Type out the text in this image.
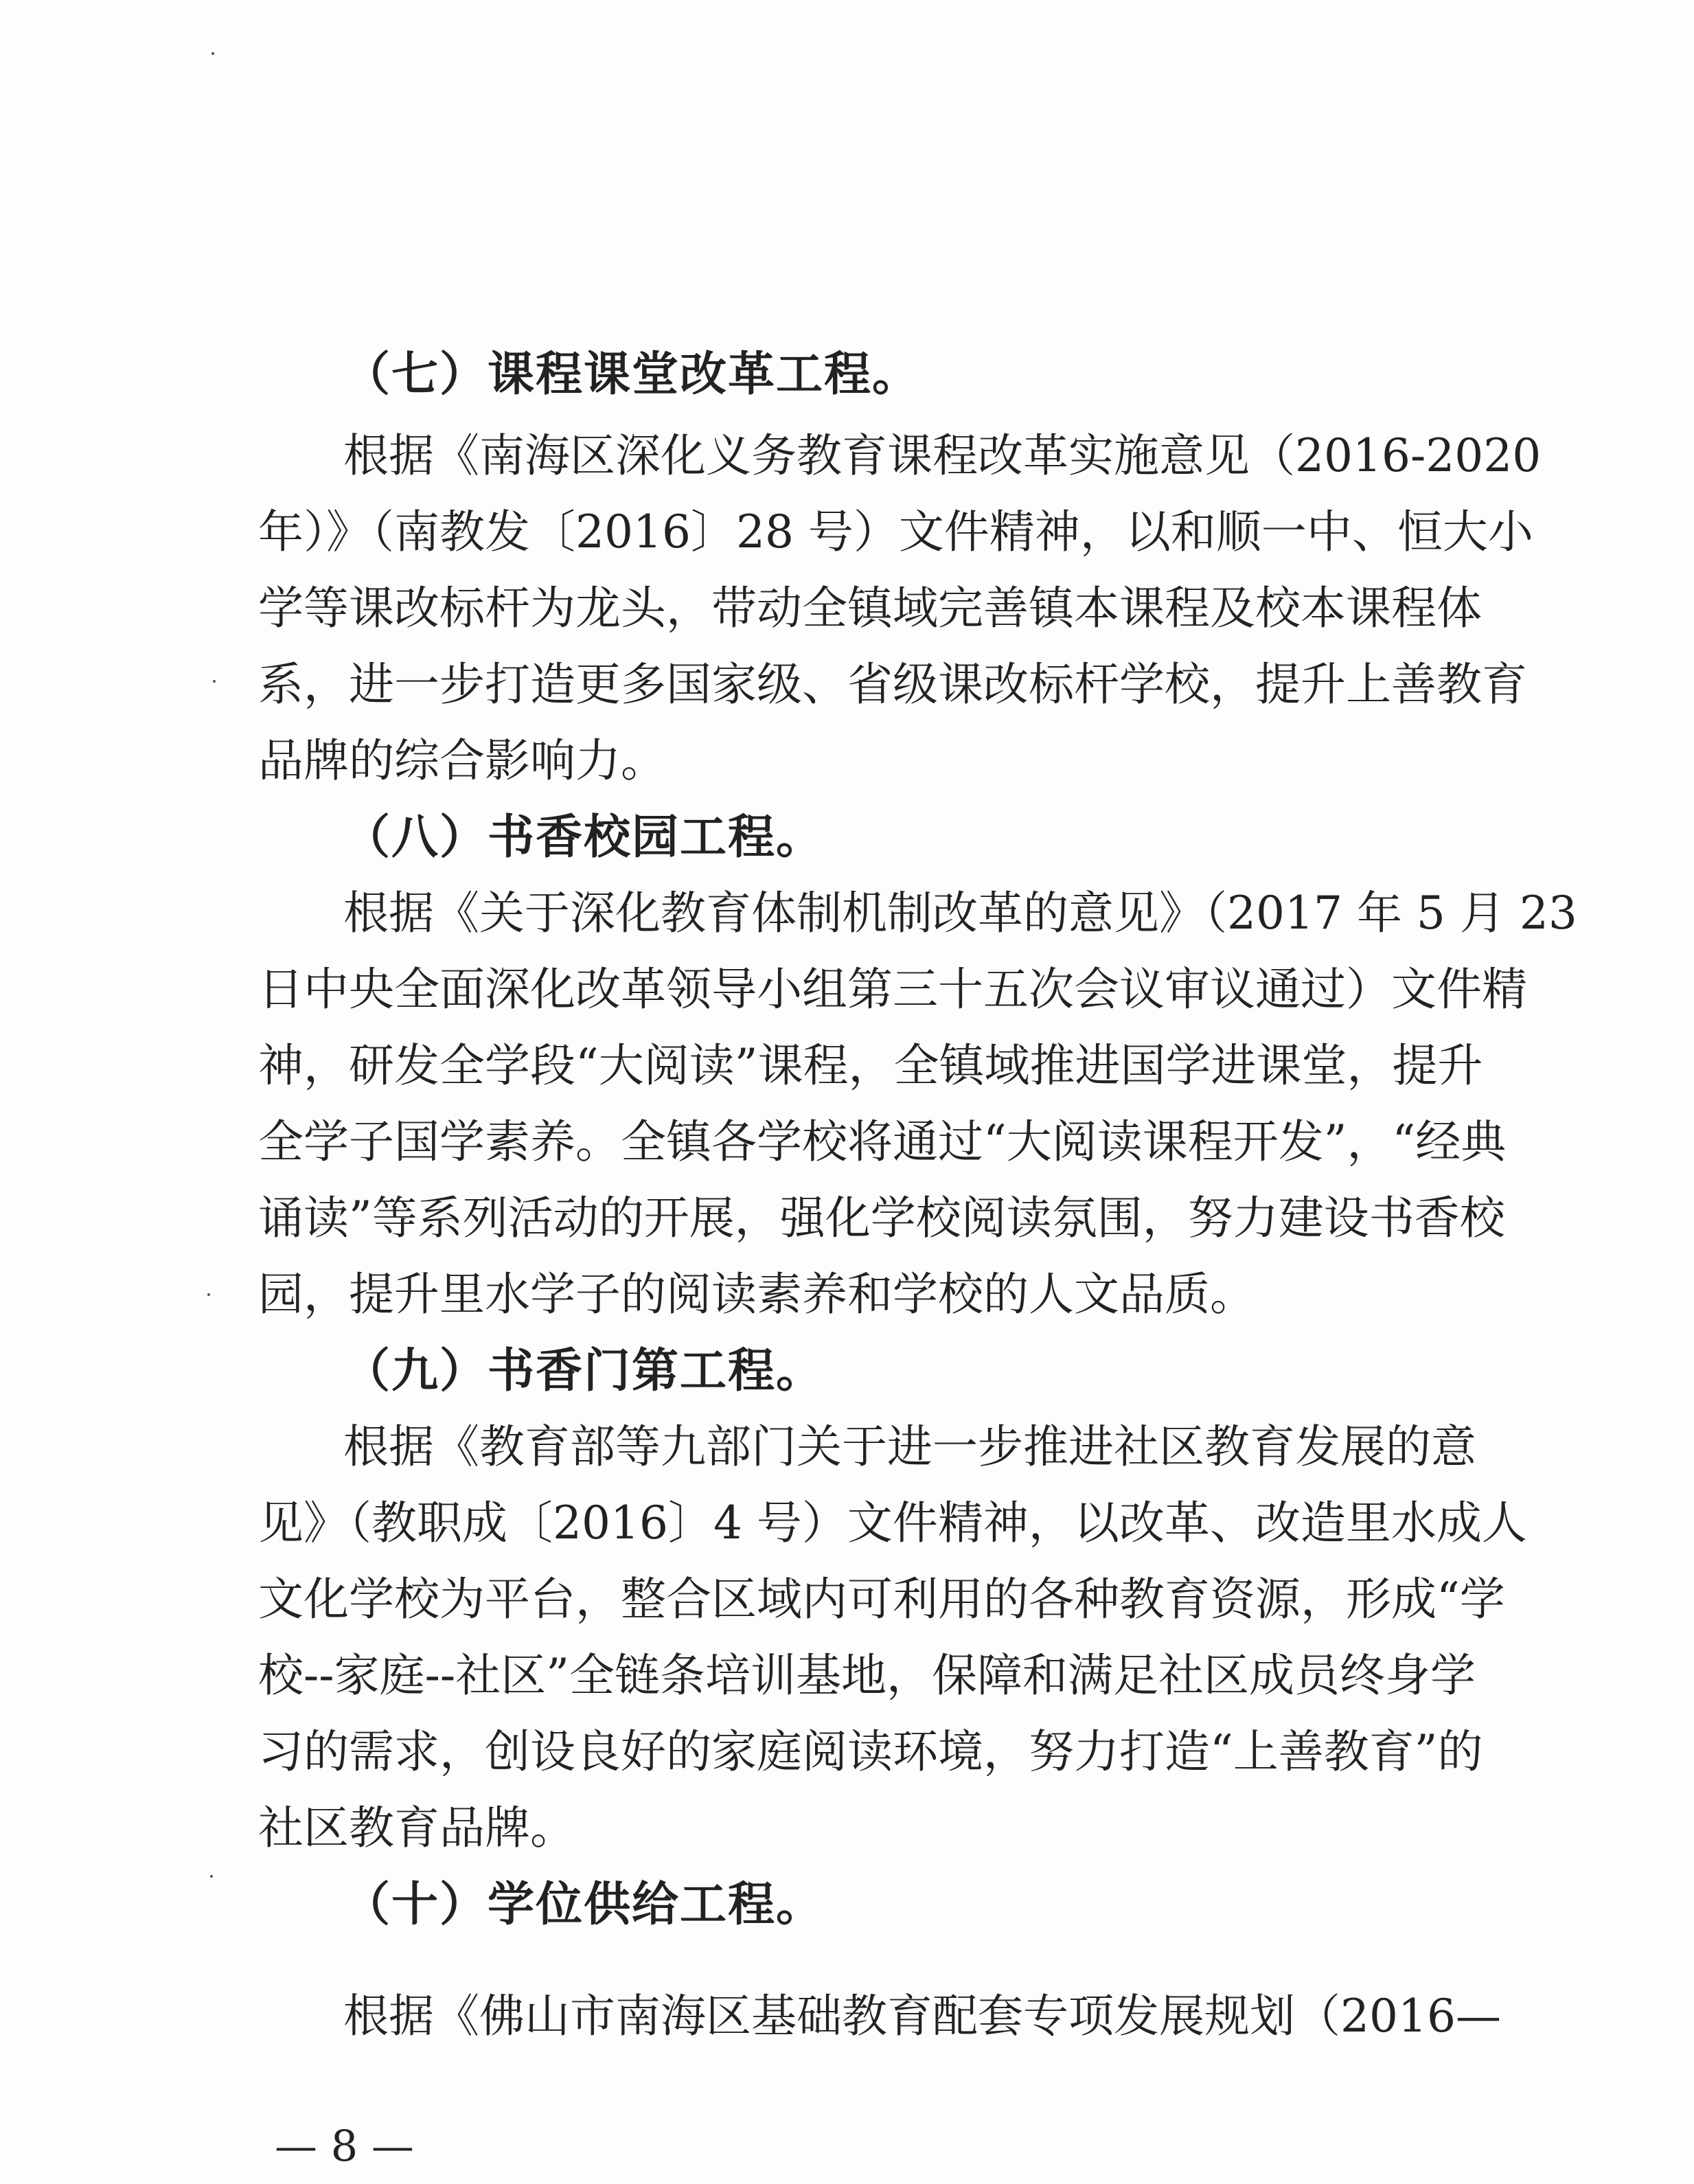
（七）课程课堂改革工程。
根据《南海区深化义务教育课程改革实施意见（2016-2020
年）》（南教发〔2016〕28 号）文件精神，以和顺一中、恒大小
学等课改标杆为龙头，带动全镇域完善镇本课程及校本课程体
系，进一步打造更多国家级、省级课改标杆学校，提升上善教育
品牌的综合影响力。
（八）书香校园工程。
根据《关于深化教育体制机制改革的意见》（2017 年 5 月 23
日中央全面深化改革领导小组第三十五次会议审议通过）文件精
神，研发全学段“大阅读”课程，全镇域推进国学进课堂，提升
全学子国学素养。全镇各学校将通过“大阅读课程开发”，“经典
诵读”等系列活动的开展，强化学校阅读氛围，努力建设书香校
园，提升里水学子的阅读素养和学校的人文品质。
（九）书香门第工程。
根据《教育部等九部门关于进一步推进社区教育发展的意
见》（教职成〔2016〕4 号）文件精神，以改革、改造里水成人
文化学校为平台，整合区域内可利用的各种教育资源，形成“学
校--家庭--社区”全链条培训基地，保障和满足社区成员终身学
习的需求，创设良好的家庭阅读环境，努力打造“上善教育”的
社区教育品牌。
（十）学位供给工程。
根据《佛山市南海区基础教育配套专项发展规划（2016—
— 8 —
